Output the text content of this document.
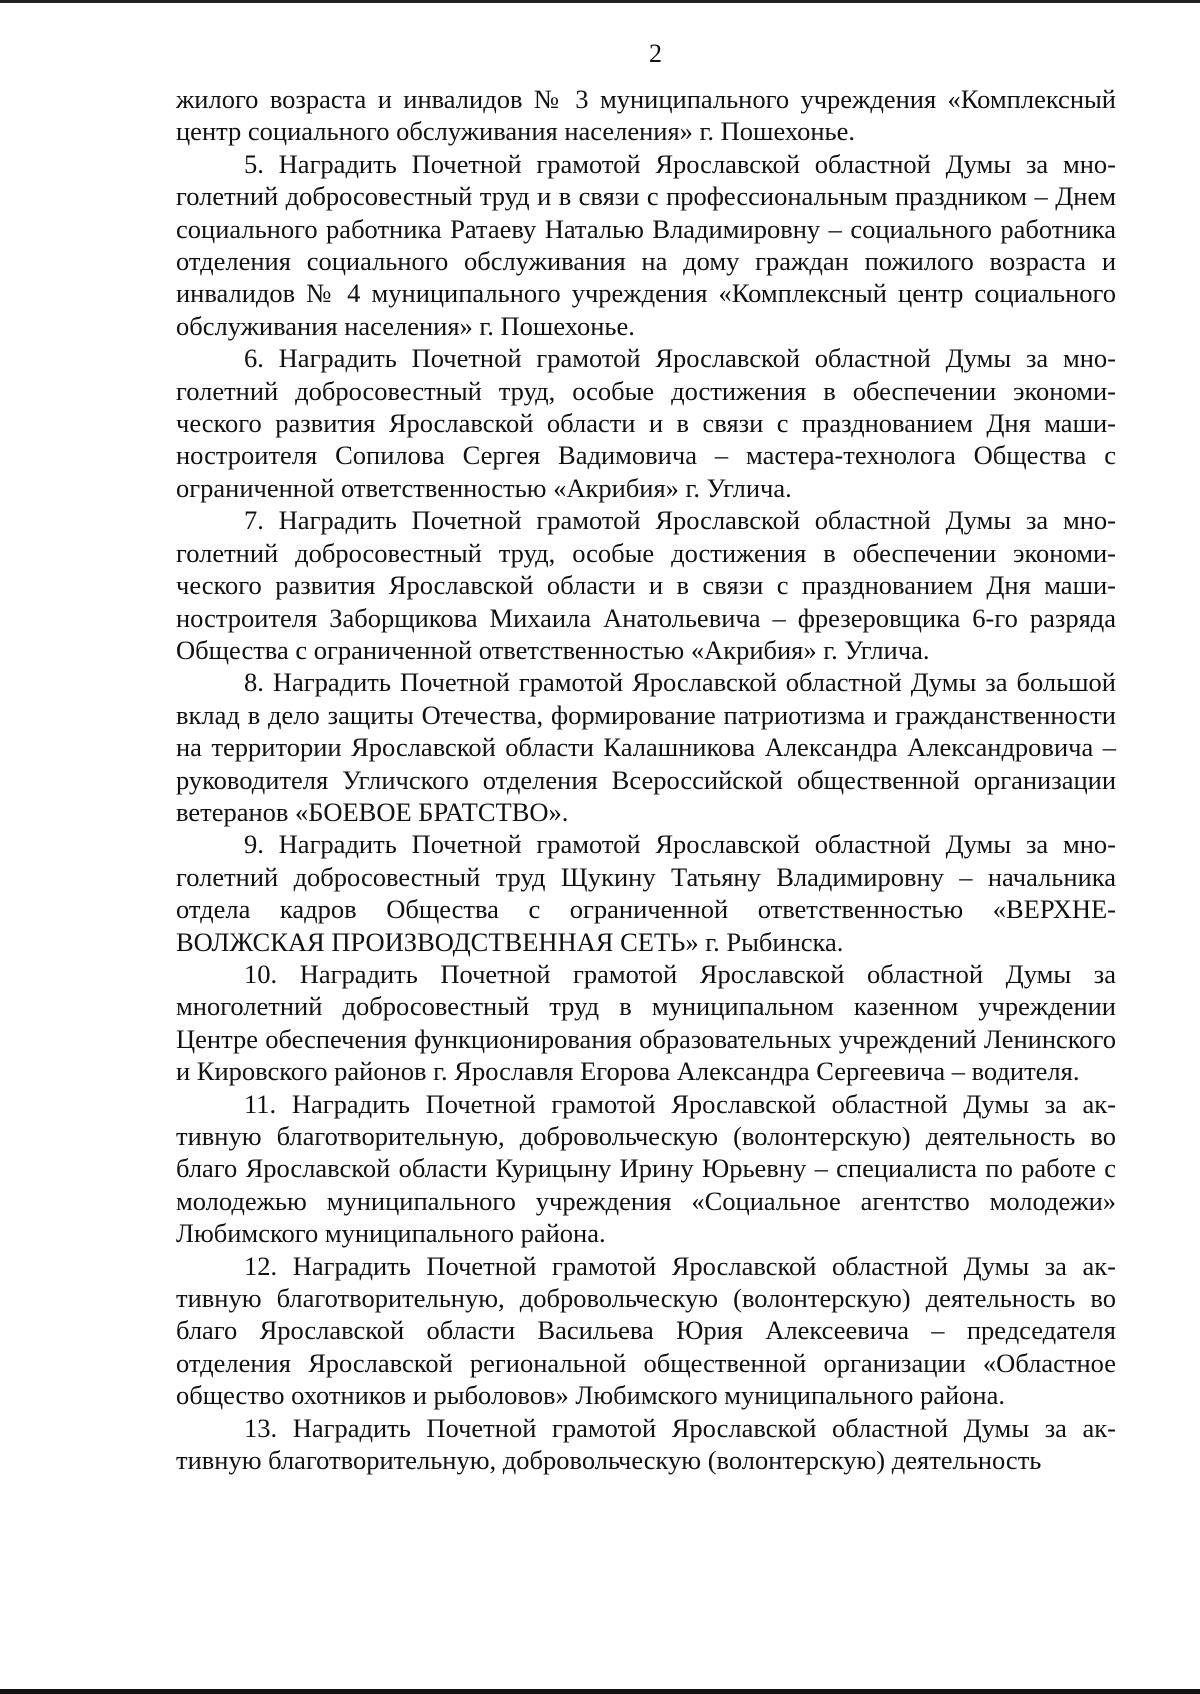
2

жилого возраста и инвалидов № 3 муниципального учреждения «Комплексный центр социального обслуживания населения» г. Пошехонье.

5. Наградить Почетной грамотой Ярославской областной Думы за многолетний добросовестный труд и в связи с профессиональным праздником – Днем социального работника Ратаеву Наталью Владимировну – социального работника отделения социального обслуживания на дому граждан пожилого возраста и инвалидов № 4 муниципального учреждения «Комплексный центр социального обслуживания населения» г. Пошехонье.

6. Наградить Почетной грамотой Ярославской областной Думы за многолетний добросовестный труд, особые достижения в обеспечении экономического развития Ярославской области и в связи с празднованием Дня машиностроителя Сопилова Сергея Вадимовича – мастера-технолога Общества с ограниченной ответственностью «Акрибия» г. Углича.

7. Наградить Почетной грамотой Ярославской областной Думы за многолетний добросовестный труд, особые достижения в обеспечении экономического развития Ярославской области и в связи с празднованием Дня машиностроителя Заборщикова Михаила Анатольевича – фрезеровщика 6-го разряда Общества с ограниченной ответственностью «Акрибия» г. Углича.

8. Наградить Почетной грамотой Ярославской областной Думы за большой вклад в дело защиты Отечества, формирование патриотизма и гражданственности на территории Ярославской области Калашникова Александра Александровича – руководителя Угличского отделения Всероссийской общественной организации ветеранов «БОЕВОЕ БРАТСТВО».

9. Наградить Почетной грамотой Ярославской областной Думы за многолетний добросовестный труд Щукину Татьяну Владимировну – начальника отдела кадров Общества с ограниченной ответственностью «ВЕРХНЕВОЛЖСКАЯ ПРОИЗВОДСТВЕННАЯ СЕТЬ» г. Рыбинска.

10. Наградить Почетной грамотой Ярославской областной Думы за многолетний добросовестный труд в муниципальном казенном учреждении Центре обеспечения функционирования образовательных учреждений Ленинского и Кировского районов г. Ярославля Егорова Александра Сергеевича – водителя.

11. Наградить Почетной грамотой Ярославской областной Думы за активную благотворительную, добровольческую (волонтерскую) деятельность во благо Ярославской области Курицыну Ирину Юрьевну – специалиста по работе с молодежью муниципального учреждения «Социальное агентство молодежи» Любимского муниципального района.

12. Наградить Почетной грамотой Ярославской областной Думы за активную благотворительную, добровольческую (волонтерскую) деятельность во благо Ярославской области Васильева Юрия Алексеевича – председателя отделения Ярославской региональной общественной организации «Областное общество охотников и рыболовов» Любимского муниципального района.

13. Наградить Почетной грамотой Ярославской областной Думы за активную благотворительную, добровольческую (волонтерскую) деятельность
